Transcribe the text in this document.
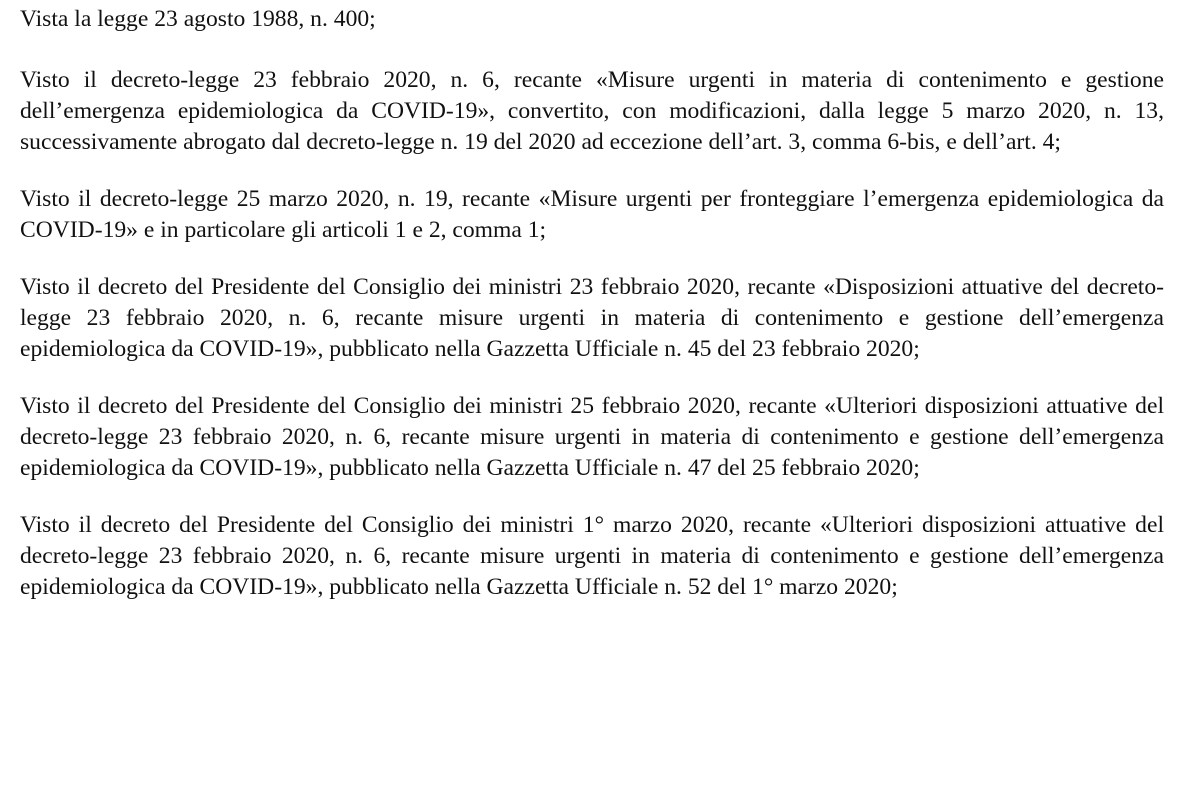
Vista la legge 23 agosto 1988, n. 400;

Visto il decreto-legge 23 febbraio 2020, n. 6, recante «Misure urgenti in materia di contenimento e gestione dell’emergenza epidemiologica da COVID-19», convertito, con modificazioni, dalla legge 5 marzo 2020, n. 13, successivamente abrogato dal decreto-legge n. 19 del 2020 ad eccezione dell’art. 3, comma 6-bis, e dell’art. 4;

Visto il decreto-legge 25 marzo 2020, n. 19, recante «Misure urgenti per fronteggiare l’emergenza epidemiologica da COVID-19» e in particolare gli articoli 1 e 2, comma 1;

Visto il decreto del Presidente del Consiglio dei ministri 23 febbraio 2020, recante «Disposizioni attuative del decreto-legge 23 febbraio 2020, n. 6, recante misure urgenti in materia di contenimento e gestione dell’emergenza epidemiologica da COVID-19», pubblicato nella Gazzetta Ufficiale n. 45 del 23 febbraio 2020;

Visto il decreto del Presidente del Consiglio dei ministri 25 febbraio 2020, recante «Ulteriori disposizioni attuative del decreto-legge 23 febbraio 2020, n. 6, recante misure urgenti in materia di contenimento e gestione dell’emergenza epidemiologica da COVID-19», pubblicato nella Gazzetta Ufficiale n. 47 del 25 febbraio 2020;

Visto il decreto del Presidente del Consiglio dei ministri 1° marzo 2020, recante «Ulteriori disposizioni attuative del decreto-legge 23 febbraio 2020, n. 6, recante misure urgenti in materia di contenimento e gestione dell’emergenza epidemiologica da COVID-19», pubblicato nella Gazzetta Ufficiale n. 52 del 1° marzo 2020;
